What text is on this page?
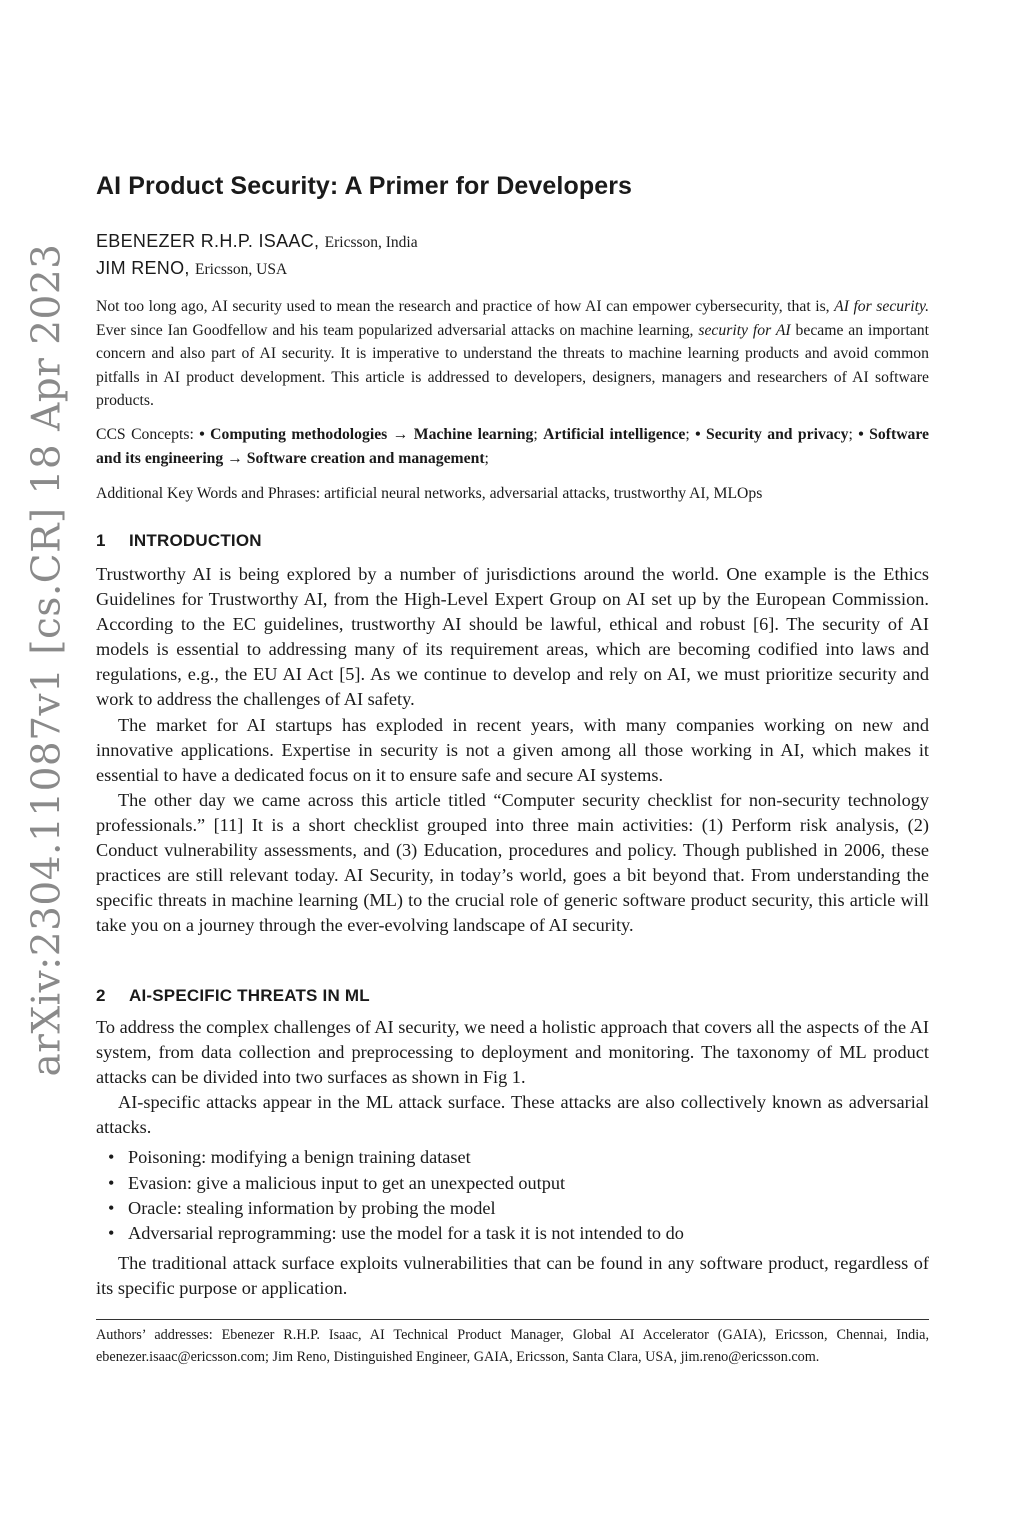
arXiv:2304.11087v1 [cs.CR] 18 Apr 2023
AI Product Security: A Primer for Developers
EBENEZER R.H.P. ISAAC, Ericsson, India
JIM RENO, Ericsson, USA

Not too long ago, AI security used to mean the research and practice of how AI can empower cybersecurity, that is, AI for security. Ever since Ian Goodfellow and his team popularized adversarial attacks on machine learning, security for AI became an important concern and also part of AI security. It is imperative to understand the threats to machine learning products and avoid common pitfalls in AI product development. This article is addressed to developers, designers, managers and researchers of AI software products.

CCS Concepts: • Computing methodologies → Machine learning; Artificial intelligence; • Security and privacy; • Software and its engineering → Software creation and management;

Additional Key Words and Phrases: artificial neural networks, adversarial attacks, trustworthy AI, MLOps

1 INTRODUCTION

Trustworthy AI is being explored by a number of jurisdictions around the world. One example is the Ethics Guidelines for Trustworthy AI, from the High-Level Expert Group on AI set up by the European Commission. According to the EC guidelines, trustworthy AI should be lawful, ethical and robust [6]. The security of AI models is essential to addressing many of its requirement areas, which are becoming codified into laws and regulations, e.g., the EU AI Act [5]. As we continue to develop and rely on AI, we must prioritize security and work to address the challenges of AI safety.

The market for AI startups has exploded in recent years, with many companies working on new and innovative applications. Expertise in security is not a given among all those working in AI, which makes it essential to have a dedicated focus on it to ensure safe and secure AI systems.

The other day we came across this article titled “Computer security checklist for non-security technology professionals.” [11] It is a short checklist grouped into three main activities: (1) Perform risk analysis, (2) Conduct vulnerability assessments, and (3) Education, procedures and policy. Though published in 2006, these practices are still relevant today. AI Security, in today’s world, goes a bit beyond that. From understanding the specific threats in machine learning (ML) to the crucial role of generic software product security, this article will take you on a journey through the ever-evolving landscape of AI security.

2 AI-SPECIFIC THREATS IN ML

To address the complex challenges of AI security, we need a holistic approach that covers all the aspects of the AI system, from data collection and preprocessing to deployment and monitoring. The taxonomy of ML product attacks can be divided into two surfaces as shown in Fig 1.

AI-specific attacks appear in the ML attack surface. These attacks are also collectively known as adversarial attacks.

• Poisoning: modifying a benign training dataset
• Evasion: give a malicious input to get an unexpected output
• Oracle: stealing information by probing the model
• Adversarial reprogramming: use the model for a task it is not intended to do

The traditional attack surface exploits vulnerabilities that can be found in any software product, regardless of its specific purpose or application.

Authors’ addresses: Ebenezer R.H.P. Isaac, AI Technical Product Manager, Global AI Accelerator (GAIA), Ericsson, Chennai, India, ebenezer.isaac@ericsson.com; Jim Reno, Distinguished Engineer, GAIA, Ericsson, Santa Clara, USA, jim.reno@ericsson.com.
